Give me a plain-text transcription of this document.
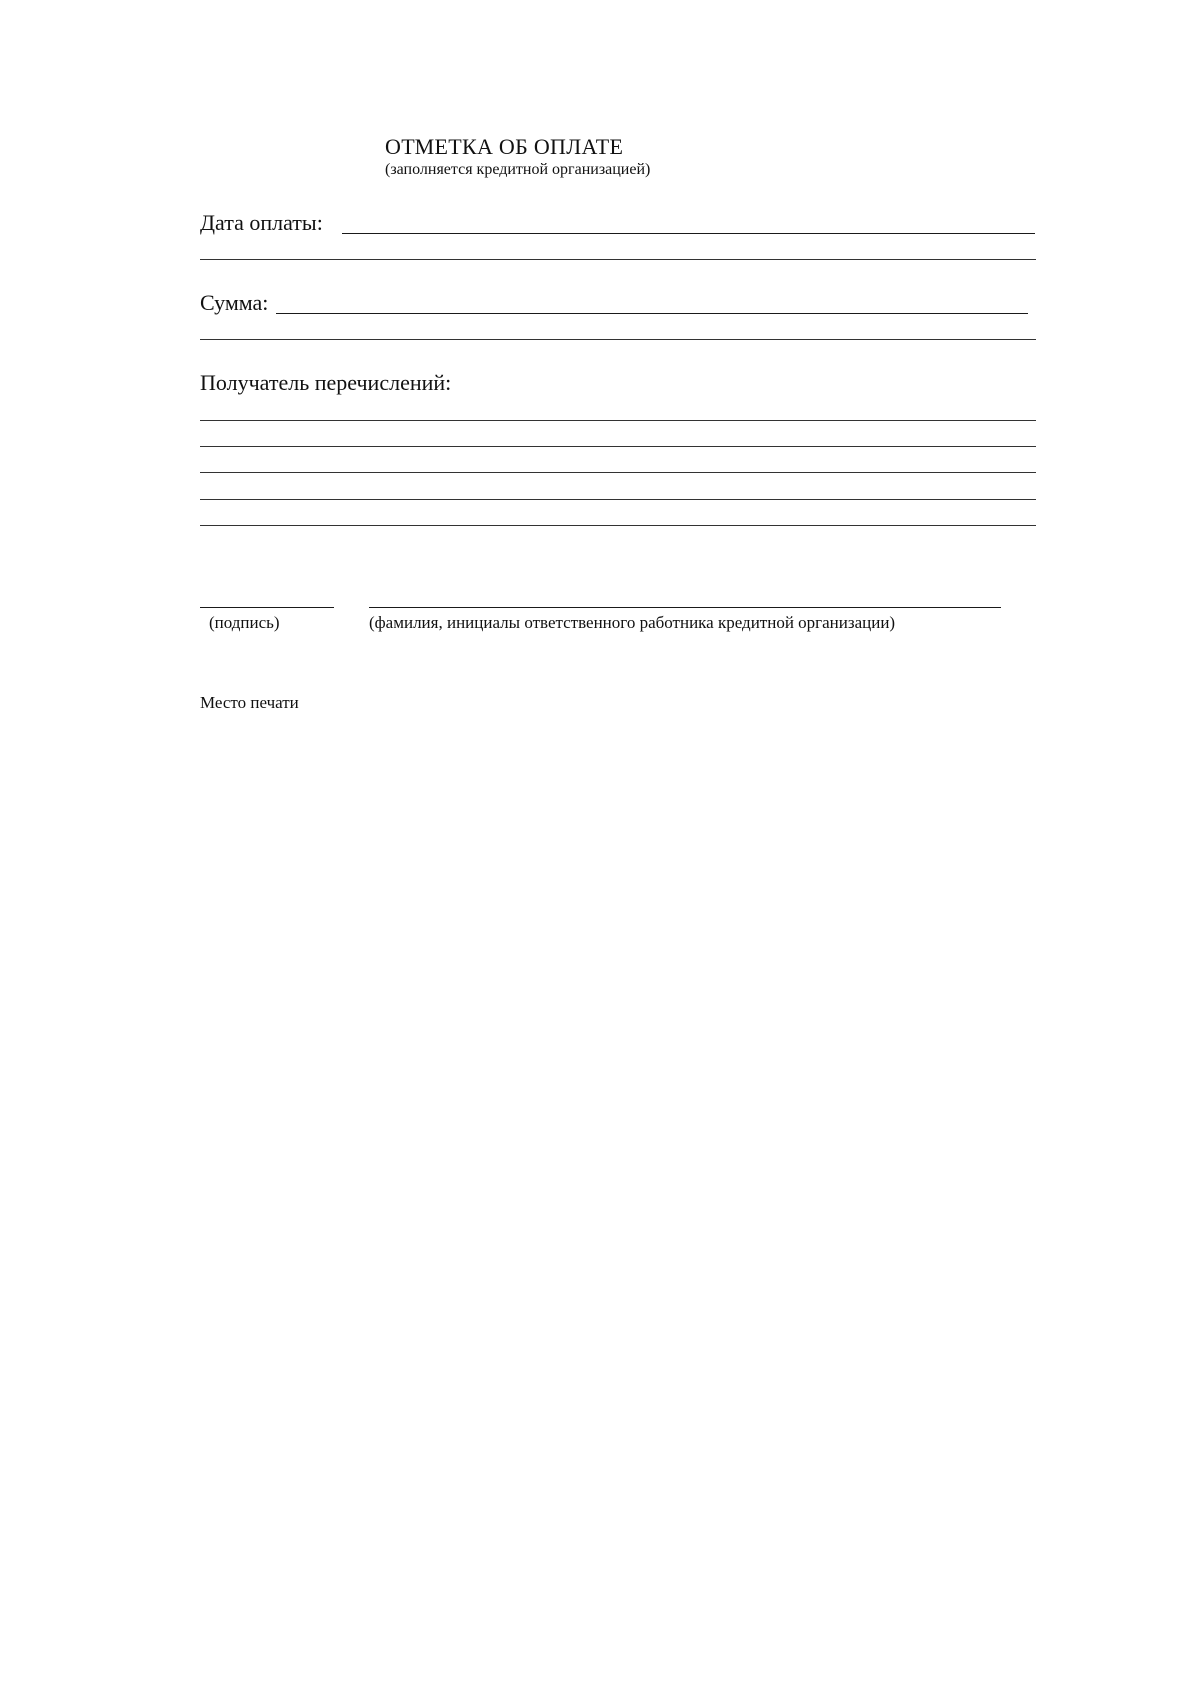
ОТМЕТКА ОБ ОПЛАТЕ
(заполняется кредитной организацией)
Дата оплаты:
Сумма:
Получатель перечислений:
(подпись)	(фамилия, инициалы ответственного работника кредитной организации)
Место печати
